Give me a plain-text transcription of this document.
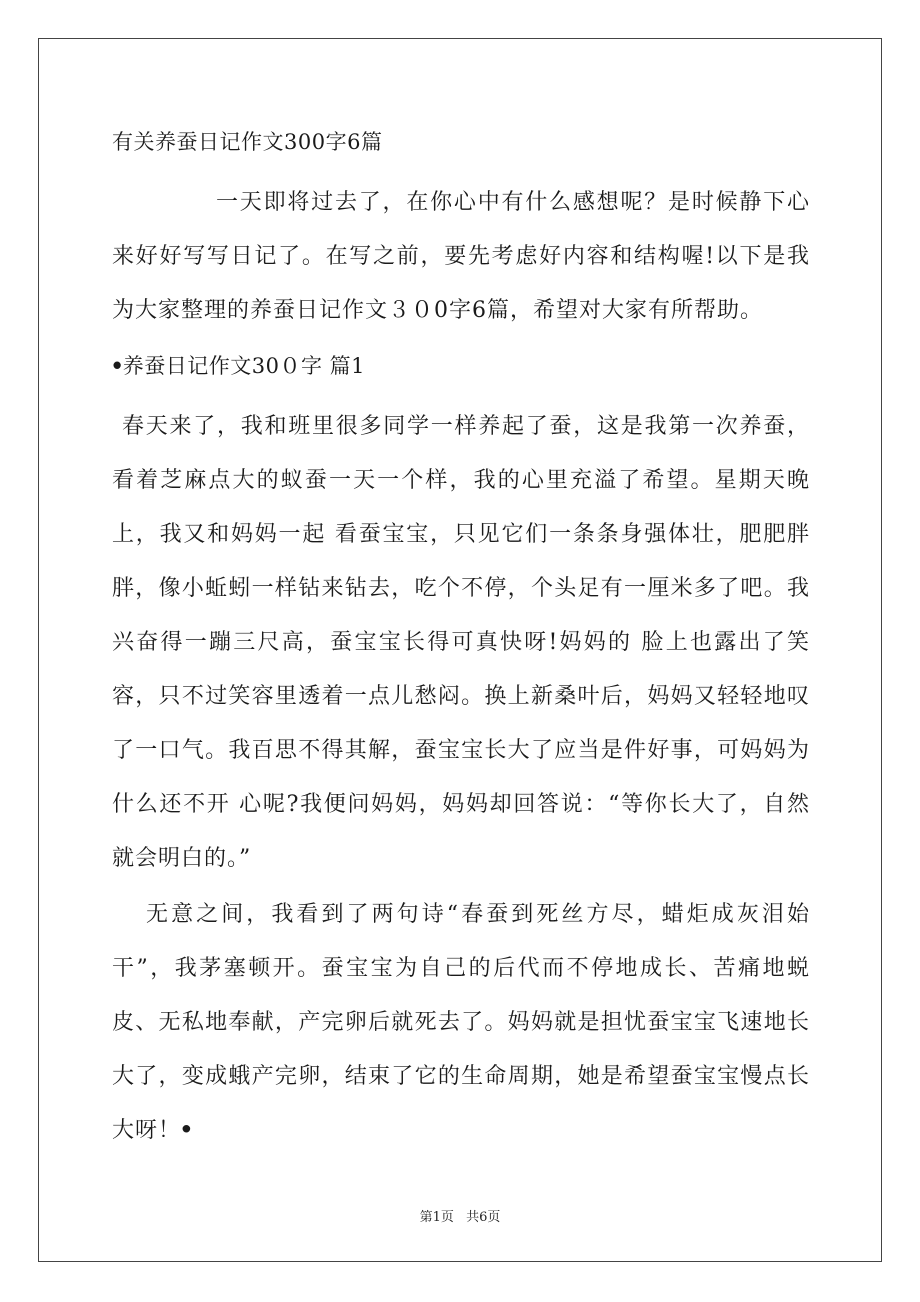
有关养蚕日记作文300字6篇

一天即将过去了，在你心中有什么感想呢？是时候静下心来好好写写日记了。在写之前，要先考虑好内容和结构喔!以下是我为大家整理的养蚕日记作文３０0字6篇，希望对大家有所帮助。

ꔷ养蚕日记作文30０字 篇1

春天来了，我和班里很多同学一样养起了蚕，这是我第一次养蚕，看着芝麻点大的蚁蚕一天一个样，我的心里充溢了希望。星期天晚上，我又和妈妈一起 看蚕宝宝，只见它们一条条身强体壮，肥肥胖胖，像小蚯蚓一样钻来钻去，吃个不停，个头足有一厘米多了吧。我兴奋得一蹦三尺高，蚕宝宝长得可真快呀!妈妈的 脸上也露出了笑容，只不过笑容里透着一点儿愁闷。换上新桑叶后，妈妈又轻轻地叹了一口气。我百思不得其解，蚕宝宝长大了应当是件好事，可妈妈为什么还不开 心呢?我便问妈妈，妈妈却回答说：“等你长大了，自然就会明白的。”

无意之间，我看到了两句诗“春蚕到死丝方尽，蜡炬成灰泪始干”，我茅塞顿开。蚕宝宝为自己的后代而不停地成长、苦痛地蜕皮、无私地奉献，产完卵后就死去了。妈妈就是担忧蚕宝宝飞速地长大了，变成蛾产完卵，结束了它的生命周期，她是希望蚕宝宝慢点长大呀！ꔷ

第1页 共6页
